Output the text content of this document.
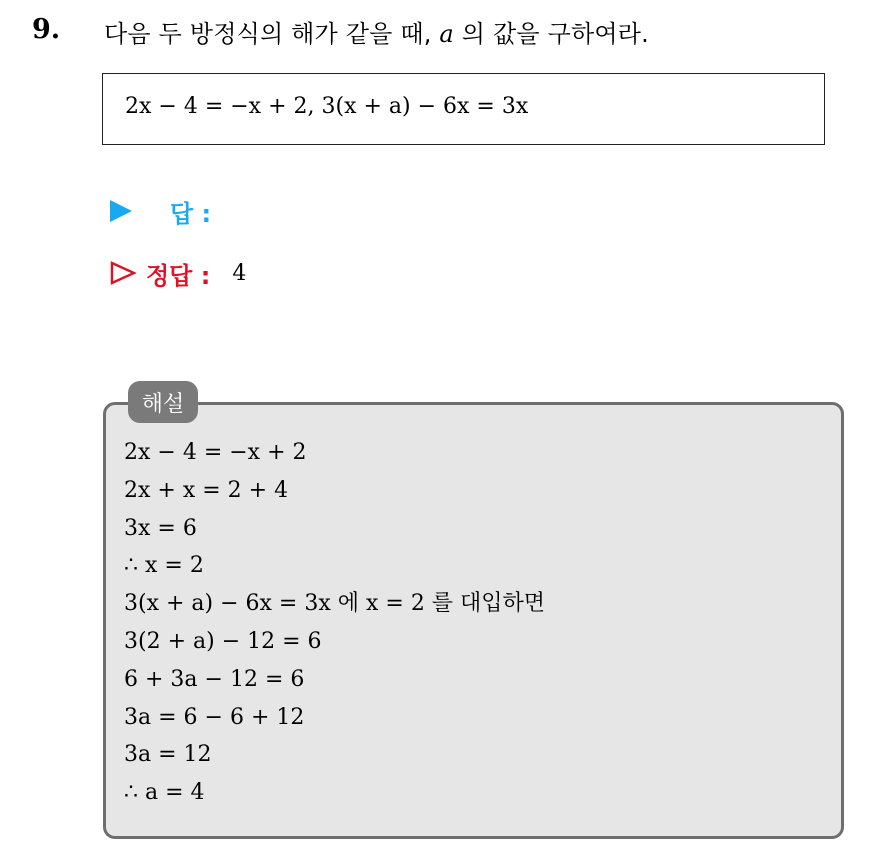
9. 다음 두 방정식의 해가 같을 때, a 의 값을 구하여라.
2x − 4 = −x + 2, 3(x + a) − 6x = 3x
답 :
정답 : 4
해설
2x − 4 = −x + 2
2x + x = 2 + 4
3x = 6
∴ x = 2
3(x + a) − 6x = 3x 에 x = 2 를 대입하면
3(2 + a) − 12 = 6
6 + 3a − 12 = 6
3a = 6 − 6 + 12
3a = 12
∴ a = 4
